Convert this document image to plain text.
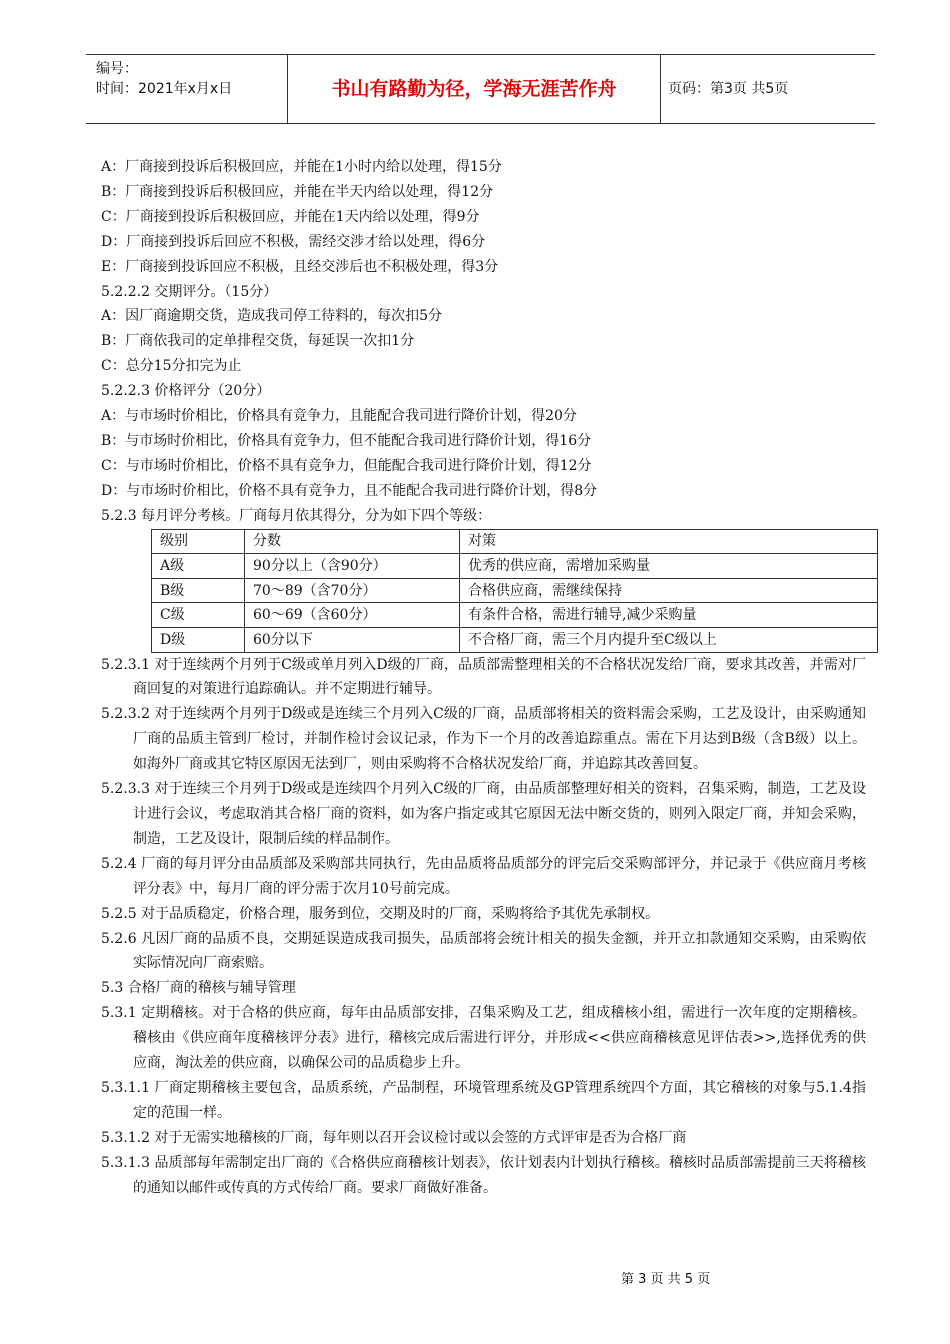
编号：
时间：2021年x月x日	书山有路勤为径，学海无涯苦作舟	页码：第3页 共5页
A：厂商接到投诉后积极回应，并能在1小时内给以处理，得15分
B：厂商接到投诉后积极回应，并能在半天内给以处理，得12分
C：厂商接到投诉后积极回应，并能在1天内给以处理，得9分
D：厂商接到投诉后回应不积极，需经交涉才给以处理，得6分
E：厂商接到投诉回应不积极，且经交涉后也不积极处理，得3分
5.2.2.2 交期评分。（15分）
A：因厂商逾期交货，造成我司停工待料的，每次扣5分
B：厂商依我司的定单排程交货，每延误一次扣1分
C：总分15分扣完为止
5.2.2.3 价格评分（20分）
A：与市场时价相比，价格具有竞争力，且能配合我司进行降价计划，得20分
B：与市场时价相比，价格具有竞争力，但不能配合我司进行降价计划，得16分
C：与市场时价相比，价格不具有竞争力，但能配合我司进行降价计划，得12分
D：与市场时价相比，价格不具有竞争力，且不能配合我司进行降价计划，得8分
5.2.3 每月评分考核。厂商每月依其得分，分为如下四个等级：
级别	分数	对策
A级	90分以上（含90分）	优秀的供应商，需增加采购量
B级	70～89（含70分）	合格供应商，需继续保持
C级	60～69（含60分）	有条件合格，需进行辅导,减少采购量
D级	60分以下	不合格厂商，需三个月内提升至C级以上
5.2.3.1 对于连续两个月列于C级或单月列入D级的厂商，品质部需整理相关的不合格状况发给厂商，要求其改善，并需对厂商回复的对策进行追踪确认。并不定期进行辅导。
5.2.3.2 对于连续两个月列于D级或是连续三个月列入C级的厂商，品质部将相关的资料需会采购，工艺及设计，由采购通知厂商的品质主管到厂检讨，并制作检讨会议记录，作为下一个月的改善追踪重点。需在下月达到B级（含B级）以上。如海外厂商或其它特区原因无法到厂，则由采购将不合格状况发给厂商，并追踪其改善回复。
5.2.3.3 对于连续三个月列于D级或是连续四个月列入C级的厂商，由品质部整理好相关的资料，召集采购，制造，工艺及设计进行会议，考虑取消其合格厂商的资料，如为客户指定或其它原因无法中断交货的，则列入限定厂商，并知会采购，制造，工艺及设计，限制后续的样品制作。
5.2.4 厂商的每月评分由品质部及采购部共同执行，先由品质将品质部分的评完后交采购部评分，并记录于《供应商月考核评分表》中，每月厂商的评分需于次月10号前完成。
5.2.5 对于品质稳定，价格合理，服务到位，交期及时的厂商，采购将给予其优先承制权。
5.2.6 凡因厂商的品质不良，交期延误造成我司损失，品质部将会统计相关的损失金额，并开立扣款通知交采购，由采购依实际情况向厂商索赔。
5.3 合格厂商的稽核与辅导管理
5.3.1 定期稽核。对于合格的供应商，每年由品质部安排，召集采购及工艺，组成稽核小组，需进行一次年度的定期稽核。稽核由《供应商年度稽核评分表》进行，稽核完成后需进行评分，并形成<<供应商稽核意见评估表>>,选择优秀的供应商，淘汰差的供应商，以确保公司的品质稳步上升。
5.3.1.1 厂商定期稽核主要包含，品质系统，产品制程，环境管理系统及GP管理系统四个方面，其它稽核的对象与5.1.4指定的范围一样。
5.3.1.2 对于无需实地稽核的厂商，每年则以召开会议检讨或以会签的方式评审是否为合格厂商
5.3.1.3 品质部每年需制定出厂商的《合格供应商稽核计划表》，依计划表内计划执行稽核。稽核时品质部需提前三天将稽核的通知以邮件或传真的方式传给厂商。要求厂商做好准备。
第 3 页 共 5 页
